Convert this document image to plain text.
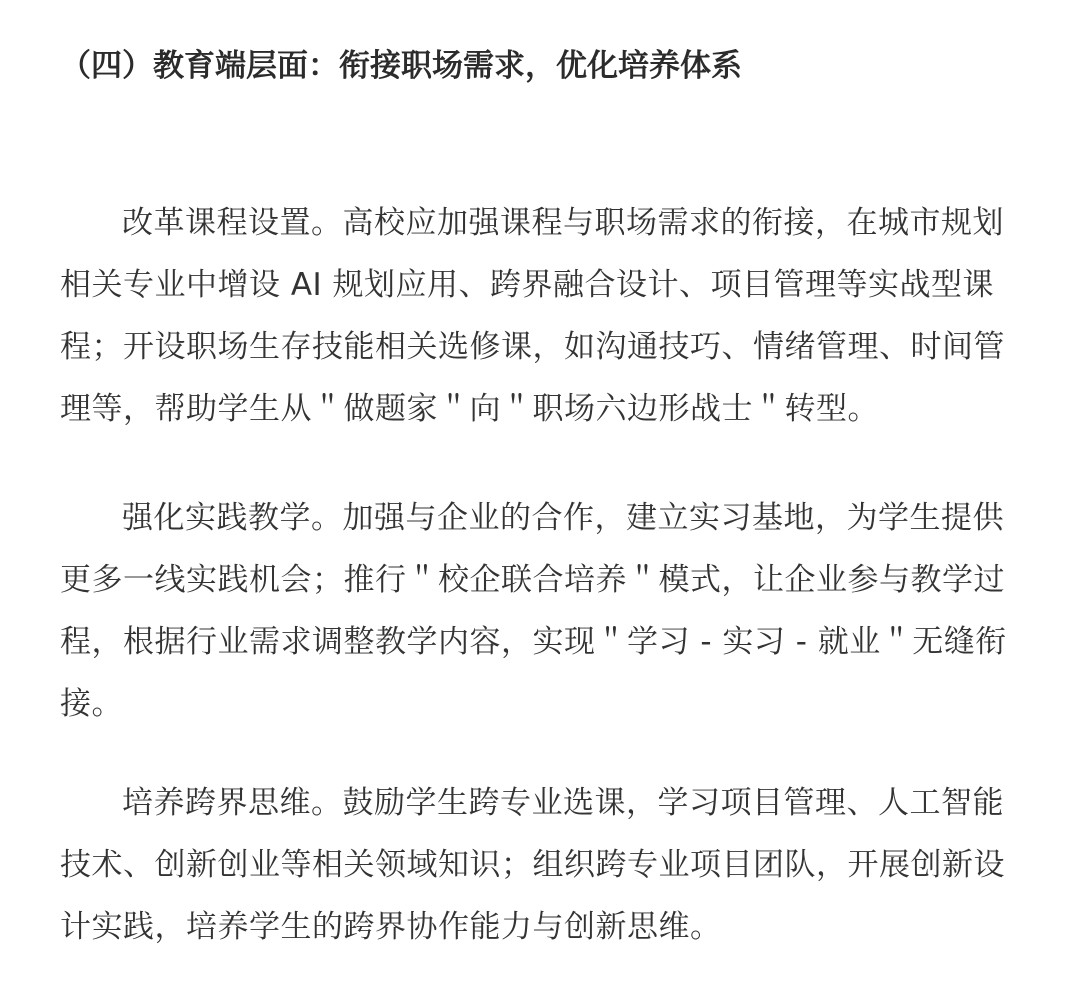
（四）教育端层面：衔接职场需求，优化培养体系

改革课程设置。高校应加强课程与职场需求的衔接，在城市规划相关专业中增设 AI 规划应用、跨界融合设计、项目管理等实战型课程；开设职场生存技能相关选修课，如沟通技巧、情绪管理、时间管理等，帮助学生从＂做题家＂向＂职场六边形战士＂转型。

强化实践教学。加强与企业的合作，建立实习基地，为学生提供更多一线实践机会；推行＂校企联合培养＂模式，让企业参与教学过程，根据行业需求调整教学内容，实现＂学习 - 实习 - 就业＂无缝衔接。

培养跨界思维。鼓励学生跨专业选课，学习项目管理、人工智能技术、创新创业等相关领域知识；组织跨专业项目团队，开展创新设计实践，培养学生的跨界协作能力与创新思维。
